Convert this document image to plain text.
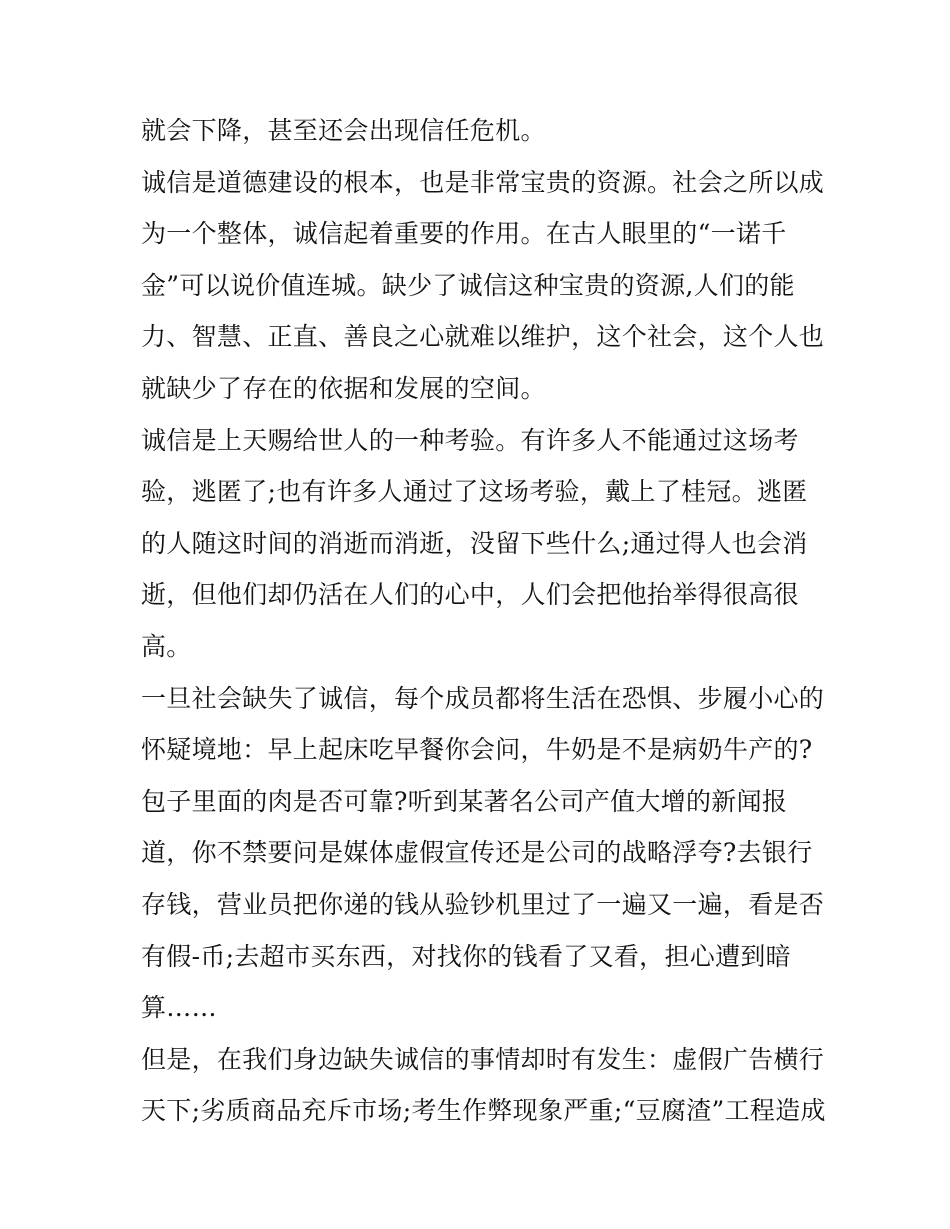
就会下降，甚至还会出现信任危机。
诚信是道德建设的根本，也是非常宝贵的资源。社会之所以成
为一个整体，诚信起着重要的作用。在古人眼里的“一诺千
金”可以说价值连城。缺少了诚信这种宝贵的资源,人们的能
力、智慧、正直、善良之心就难以维护，这个社会，这个人也
就缺少了存在的依据和发展的空间。
诚信是上天赐给世人的一种考验。有许多人不能通过这场考
验，逃匿了;也有许多人通过了这场考验，戴上了桂冠。逃匿
的人随这时间的消逝而消逝，没留下些什么;通过得人也会消
逝，但他们却仍活在人们的心中，人们会把他抬举得很高很
高。
一旦社会缺失了诚信，每个成员都将生活在恐惧、步履小心的
怀疑境地：早上起床吃早餐你会问，牛奶是不是病奶牛产的?
包子里面的肉是否可靠?听到某著名公司产值大增的新闻报
道，你不禁要问是媒体虚假宣传还是公司的战略浮夸?去银行
存钱，营业员把你递的钱从验钞机里过了一遍又一遍，看是否
有假-币;去超市买东西，对找你的钱看了又看，担心遭到暗
算……
但是，在我们身边缺失诚信的事情却时有发生：虚假广告横行
天下;劣质商品充斥市场;考生作弊现象严重;“豆腐渣”工程造成
